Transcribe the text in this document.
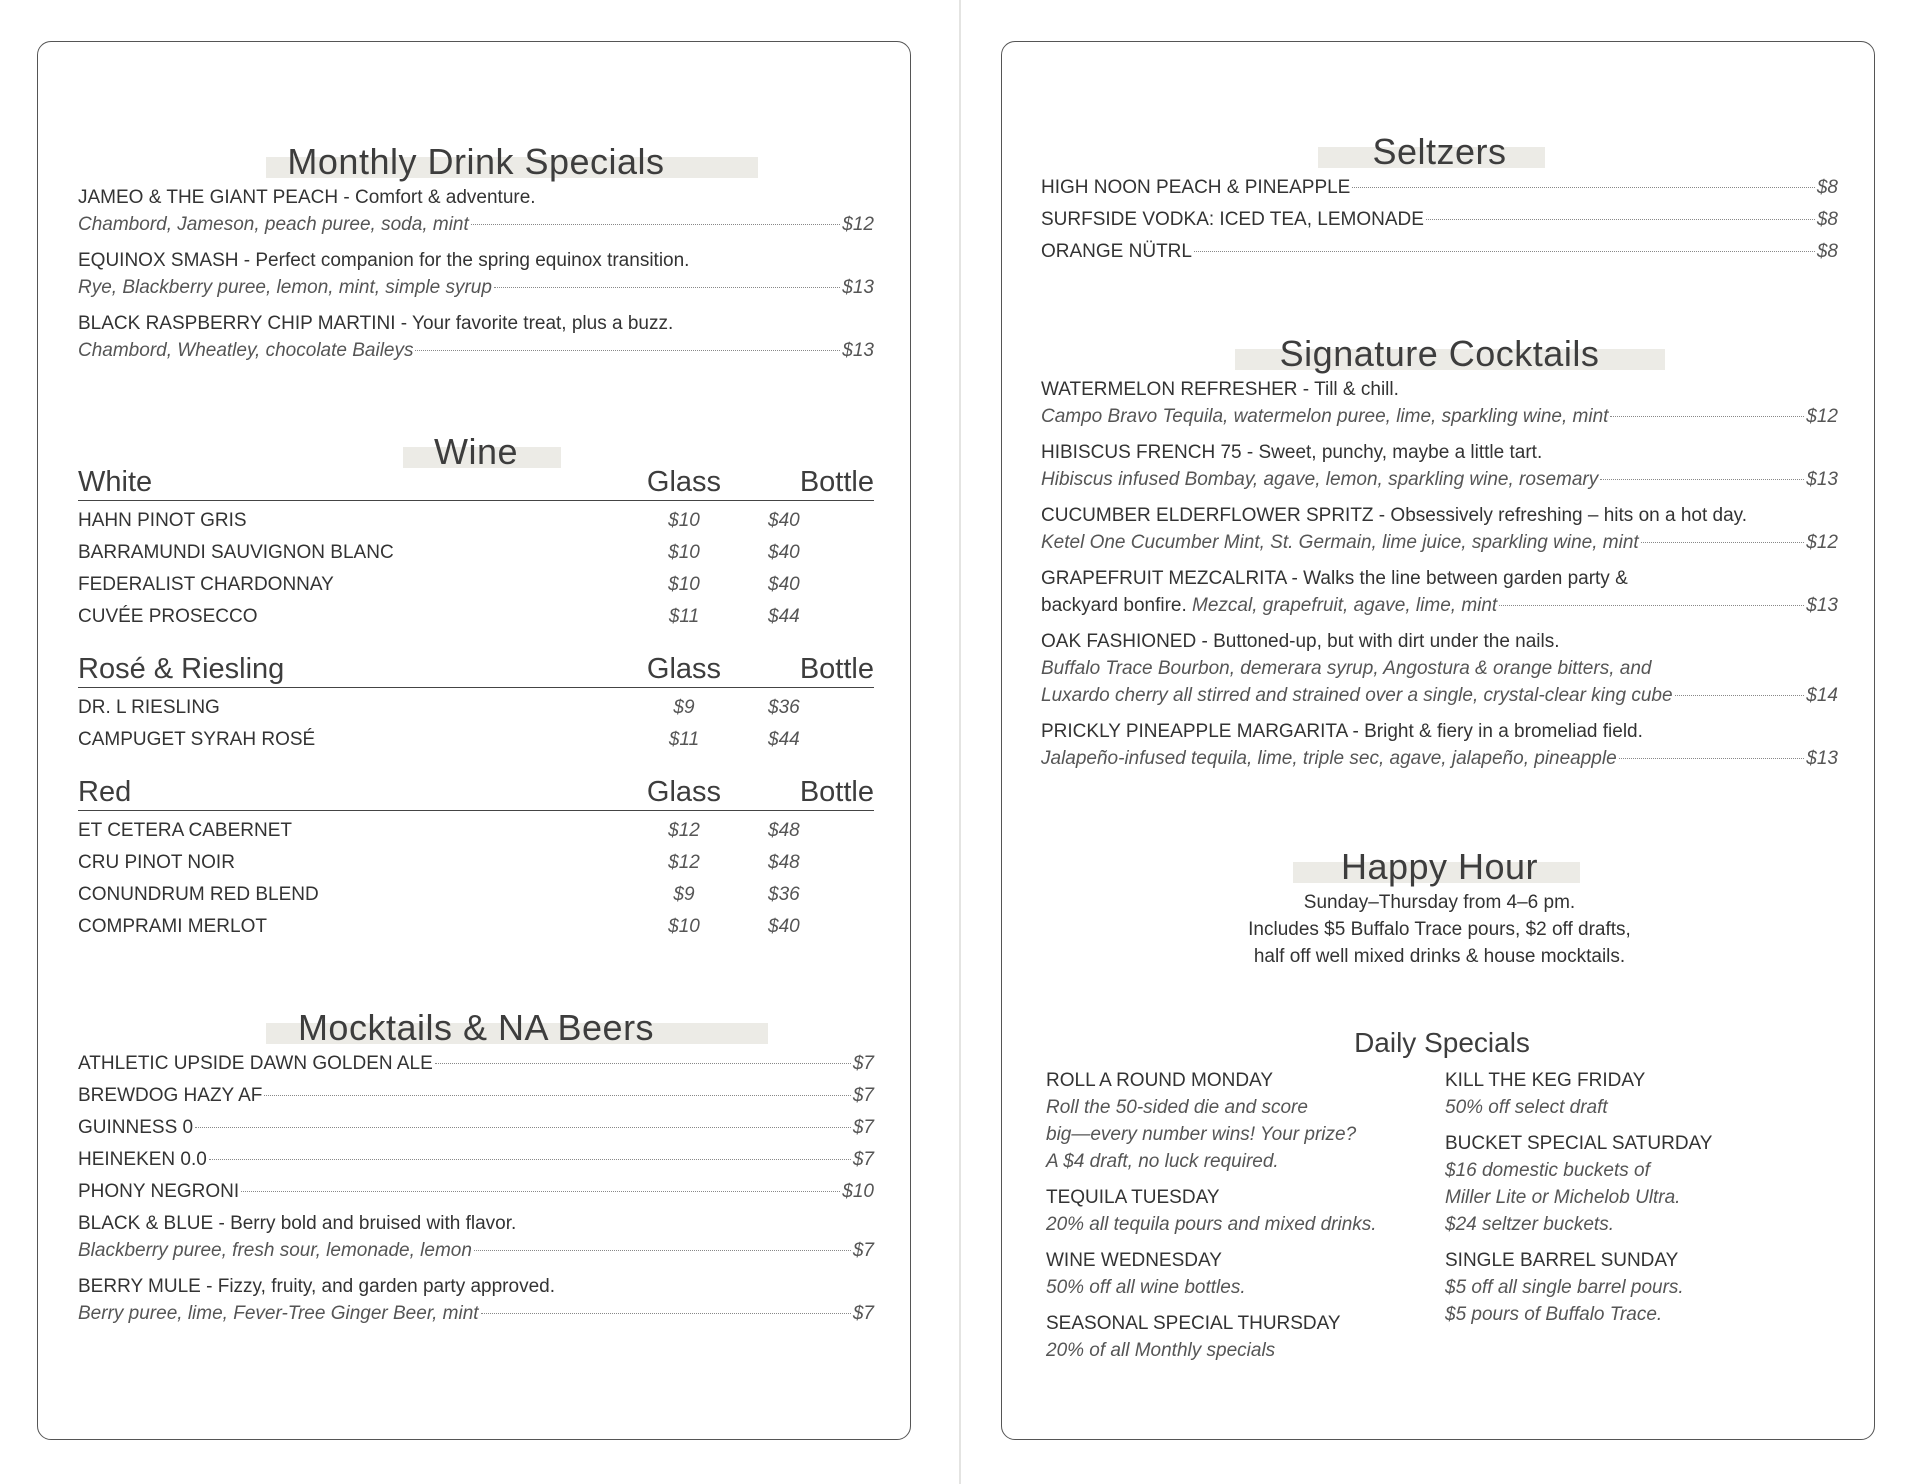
Monthly Drink Specials
JAMEO & THE GIANT PEACH - Comfort & adventure.
Chambord, Jameson, peach puree, soda, mint	$12
EQUINOX SMASH - Perfect companion for the spring equinox transition.
Rye, Blackberry puree, lemon, mint, simple syrup	$13
BLACK RASPBERRY CHIP MARTINI - Your favorite treat, plus a buzz.
Chambord, Wheatley, chocolate Baileys	$13
Wine
White	Glass	Bottle
HAHN PINOT GRIS	$10	$40
BARRAMUNDI SAUVIGNON BLANC	$10	$40
FEDERALIST CHARDONNAY	$10	$40
CUVÉE PROSECCO	$11	$44
Rosé & Riesling	Glass	Bottle
DR. L RIESLING	$9	$36
CAMPUGET SYRAH ROSÉ	$11	$44
Red	Glass	Bottle
ET CETERA CABERNET	$12	$48
CRU PINOT NOIR	$12	$48
CONUNDRUM RED BLEND	$9	$36
COMPRAMI MERLOT	$10	$40
Mocktails & NA Beers
ATHLETIC UPSIDE DAWN GOLDEN ALE	$7
BREWDOG HAZY AF	$7
GUINNESS 0	$7
HEINEKEN 0.0	$7
PHONY NEGRONI	$10
BLACK & BLUE - Berry bold and bruised with flavor.
Blackberry puree, fresh sour, lemonade, lemon	$7
BERRY MULE - Fizzy, fruity, and garden party approved.
Berry puree, lime, Fever-Tree Ginger Beer, mint	$7
Seltzers
HIGH NOON PEACH & PINEAPPLE	$8
SURFSIDE VODKA: ICED TEA, LEMONADE	$8
ORANGE NÜTRL	$8
Signature Cocktails
WATERMELON REFRESHER - Till & chill.
Campo Bravo Tequila, watermelon puree, lime, sparkling wine, mint	$12
HIBISCUS FRENCH 75 - Sweet, punchy, maybe a little tart.
Hibiscus infused Bombay, agave, lemon, sparkling wine, rosemary	$13
CUCUMBER ELDERFLOWER SPRITZ - Obsessively refreshing – hits on a hot day.
Ketel One Cucumber Mint, St. Germain, lime juice, sparkling wine, mint	$12
GRAPEFRUIT MEZCALRITA - Walks the line between garden party &
backyard bonfire.
Mezcal, grapefruit, agave, lime, mint	$13
OAK FASHIONED - Buttoned-up, but with dirt under the nails.
Buffalo Trace Bourbon, demerara syrup, Angostura & orange bitters, and
Luxardo cherry all stirred and strained over a single, crystal-clear king cube	$14
PRICKLY PINEAPPLE MARGARITA - Bright & fiery in a bromeliad field.
Jalapeño-infused tequila, lime, triple sec, agave, jalapeño, pineapple	$13
Happy Hour
Sunday–Thursday from 4–6 pm.
Includes $5 Buffalo Trace pours, $2 off drafts,
half off well mixed drinks & house mocktails.
Daily Specials
ROLL A ROUND MONDAY
Roll the 50-sided die and score
big—every number wins! Your prize?
A $4 draft, no luck required.
TEQUILA TUESDAY
20% all tequila pours and mixed drinks.
WINE WEDNESDAY
50% off all wine bottles.
SEASONAL SPECIAL THURSDAY
20% of all Monthly specials
KILL THE KEG FRIDAY
50% off select draft
BUCKET SPECIAL SATURDAY
$16 domestic buckets of
Miller Lite or Michelob Ultra.
$24 seltzer buckets.
SINGLE BARREL SUNDAY
$5 off all single barrel pours.
$5 pours of Buffalo Trace.
